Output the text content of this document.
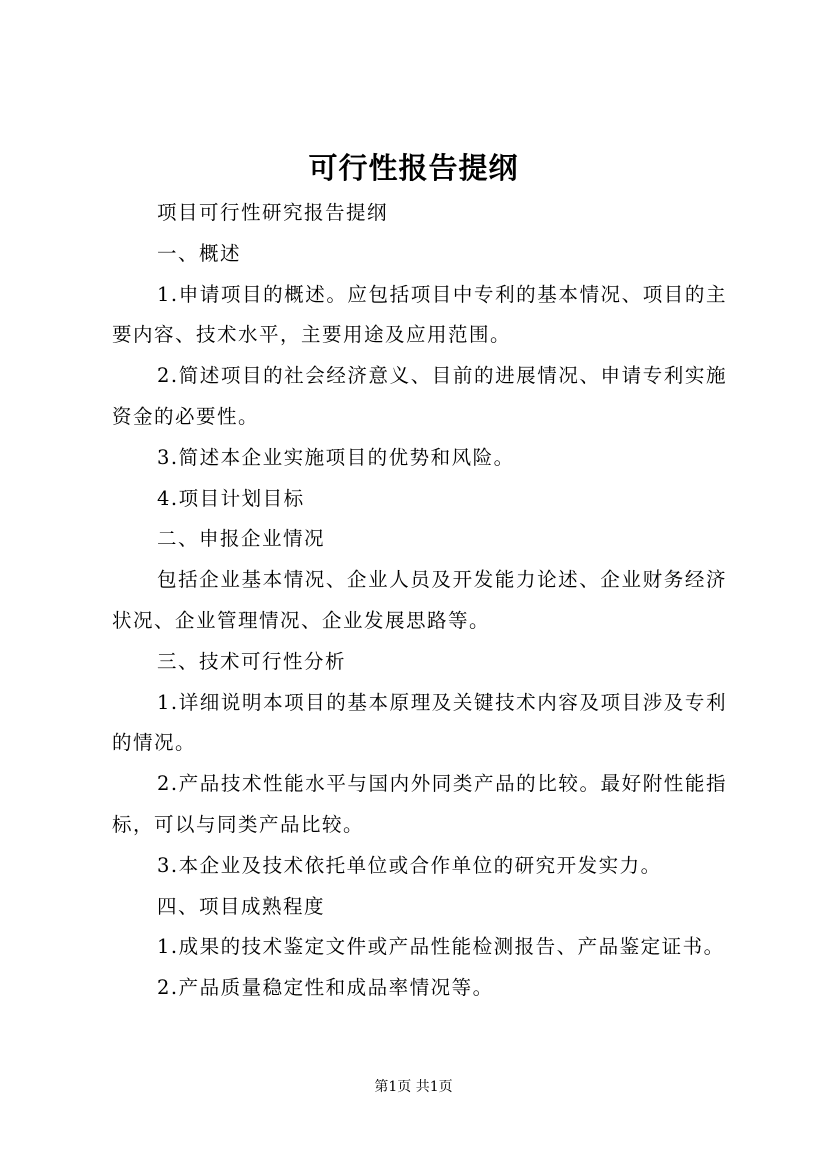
可行性报告提纲

项目可行性研究报告提纲

一、概述

1.申请项目的概述。应包括项目中专利的基本情况、项目的主要内容、技术水平，主要用途及应用范围。

2.简述项目的社会经济意义、目前的进展情况、申请专利实施资金的必要性。

3.简述本企业实施项目的优势和风险。

4.项目计划目标

二、申报企业情况

包括企业基本情况、企业人员及开发能力论述、企业财务经济状况、企业管理情况、企业发展思路等。

三、技术可行性分析

1.详细说明本项目的基本原理及关键技术内容及项目涉及专利的情况。

2.产品技术性能水平与国内外同类产品的比较。最好附性能指标，可以与同类产品比较。

3.本企业及技术依托单位或合作单位的研究开发实力。

四、项目成熟程度

1.成果的技术鉴定文件或产品性能检测报告、产品鉴定证书。

2.产品质量稳定性和成品率情况等。

第1页 共1页
